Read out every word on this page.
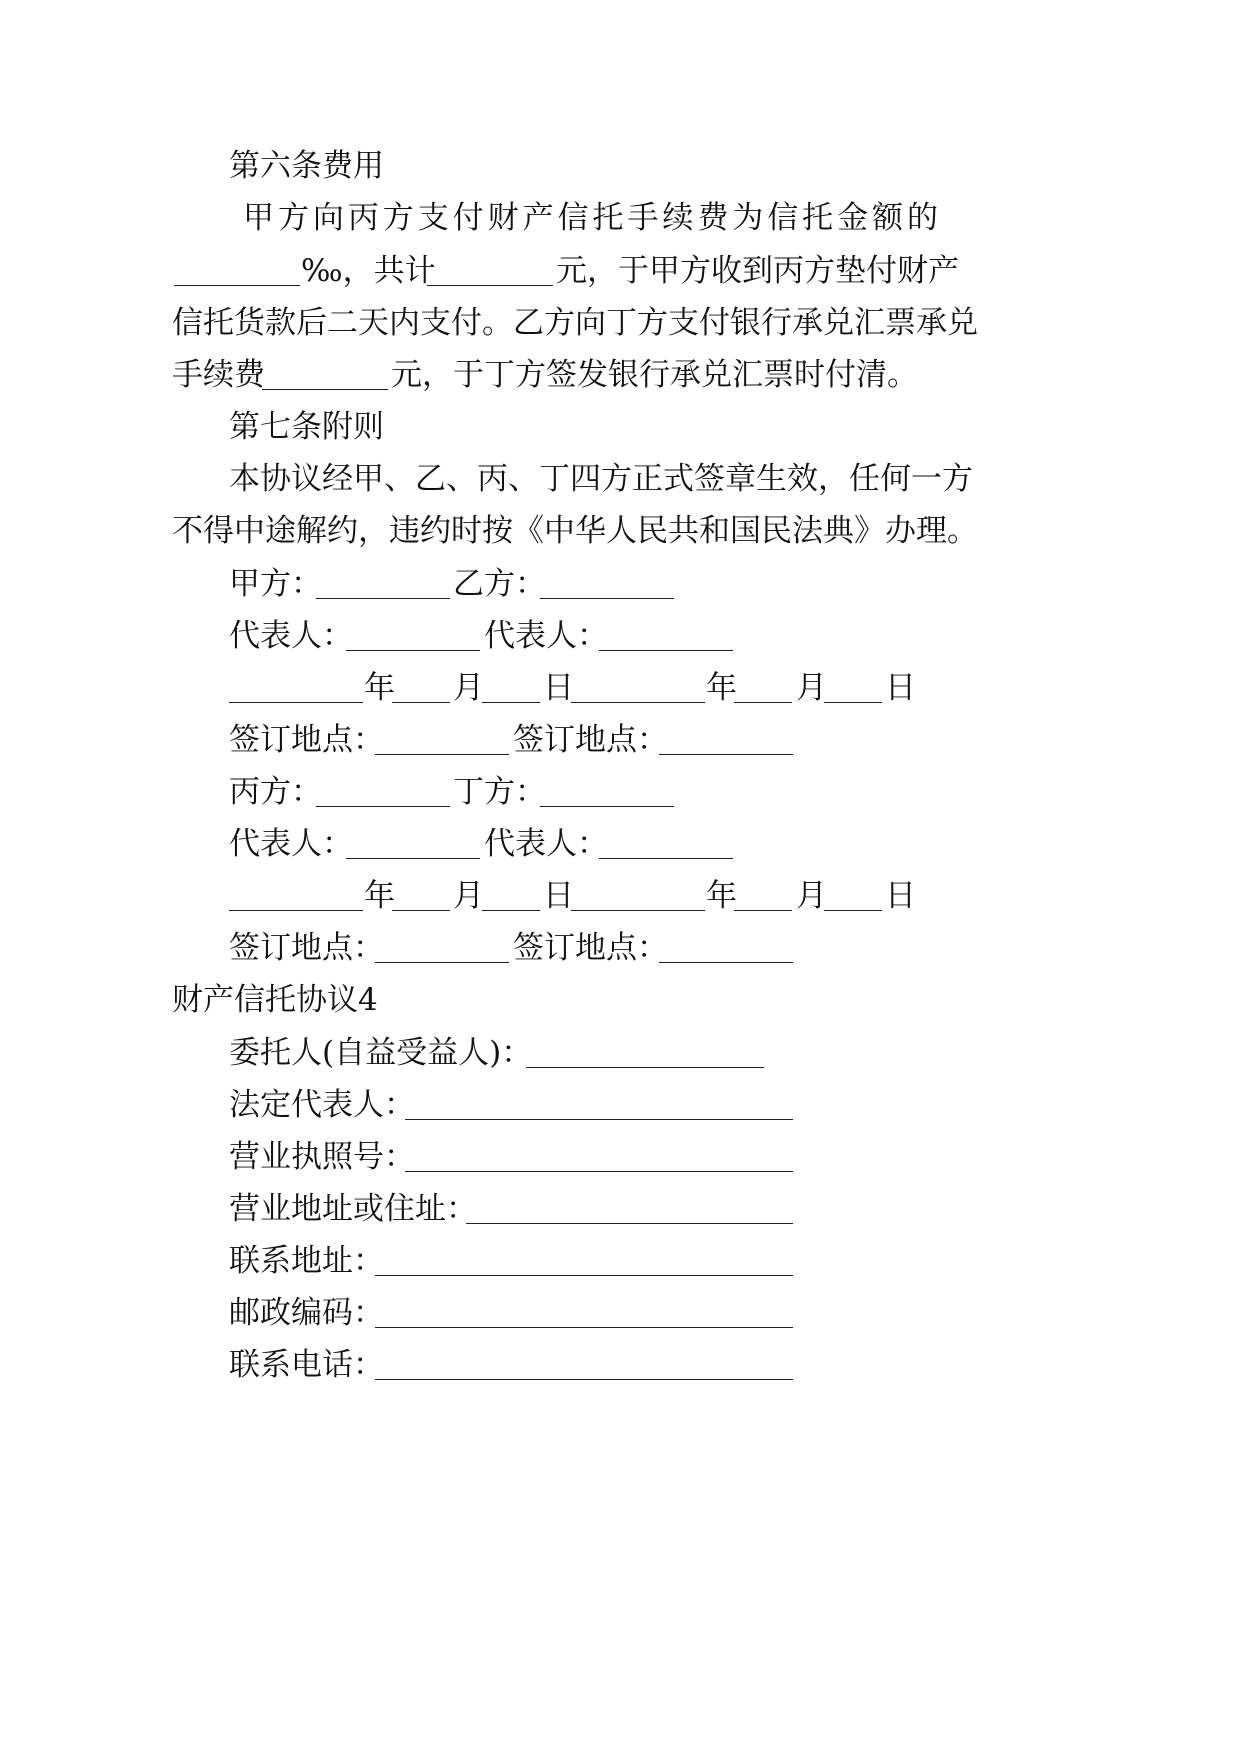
第六条费用
甲方向丙方支付财产信托手续费为信托金额的
‰，共计	元，于甲方收到丙方垫付财产
信托货款后二天内支付。乙方向丁方支付银行承兑汇票承兑
手续费	元，于丁方签发银行承兑汇票时付清。
第七条附则
本协议经甲、乙、丙、丁四方正式签章生效，任何一方
不得中途解约，违约时按《中华人民共和国民法典》办理。
甲方：	乙方：
代表人：	代表人：
年 月 日	年 月 日
签订地点：	签订地点：
丙方：	丁方：
代表人：	代表人：
年 月 日	年 月 日
签订地点：	签订地点：
财产信托协议4
委托人(自益受益人)：
法定代表人：
营业执照号：
营业地址或住址：
联系地址：
邮政编码：
联系电话：
